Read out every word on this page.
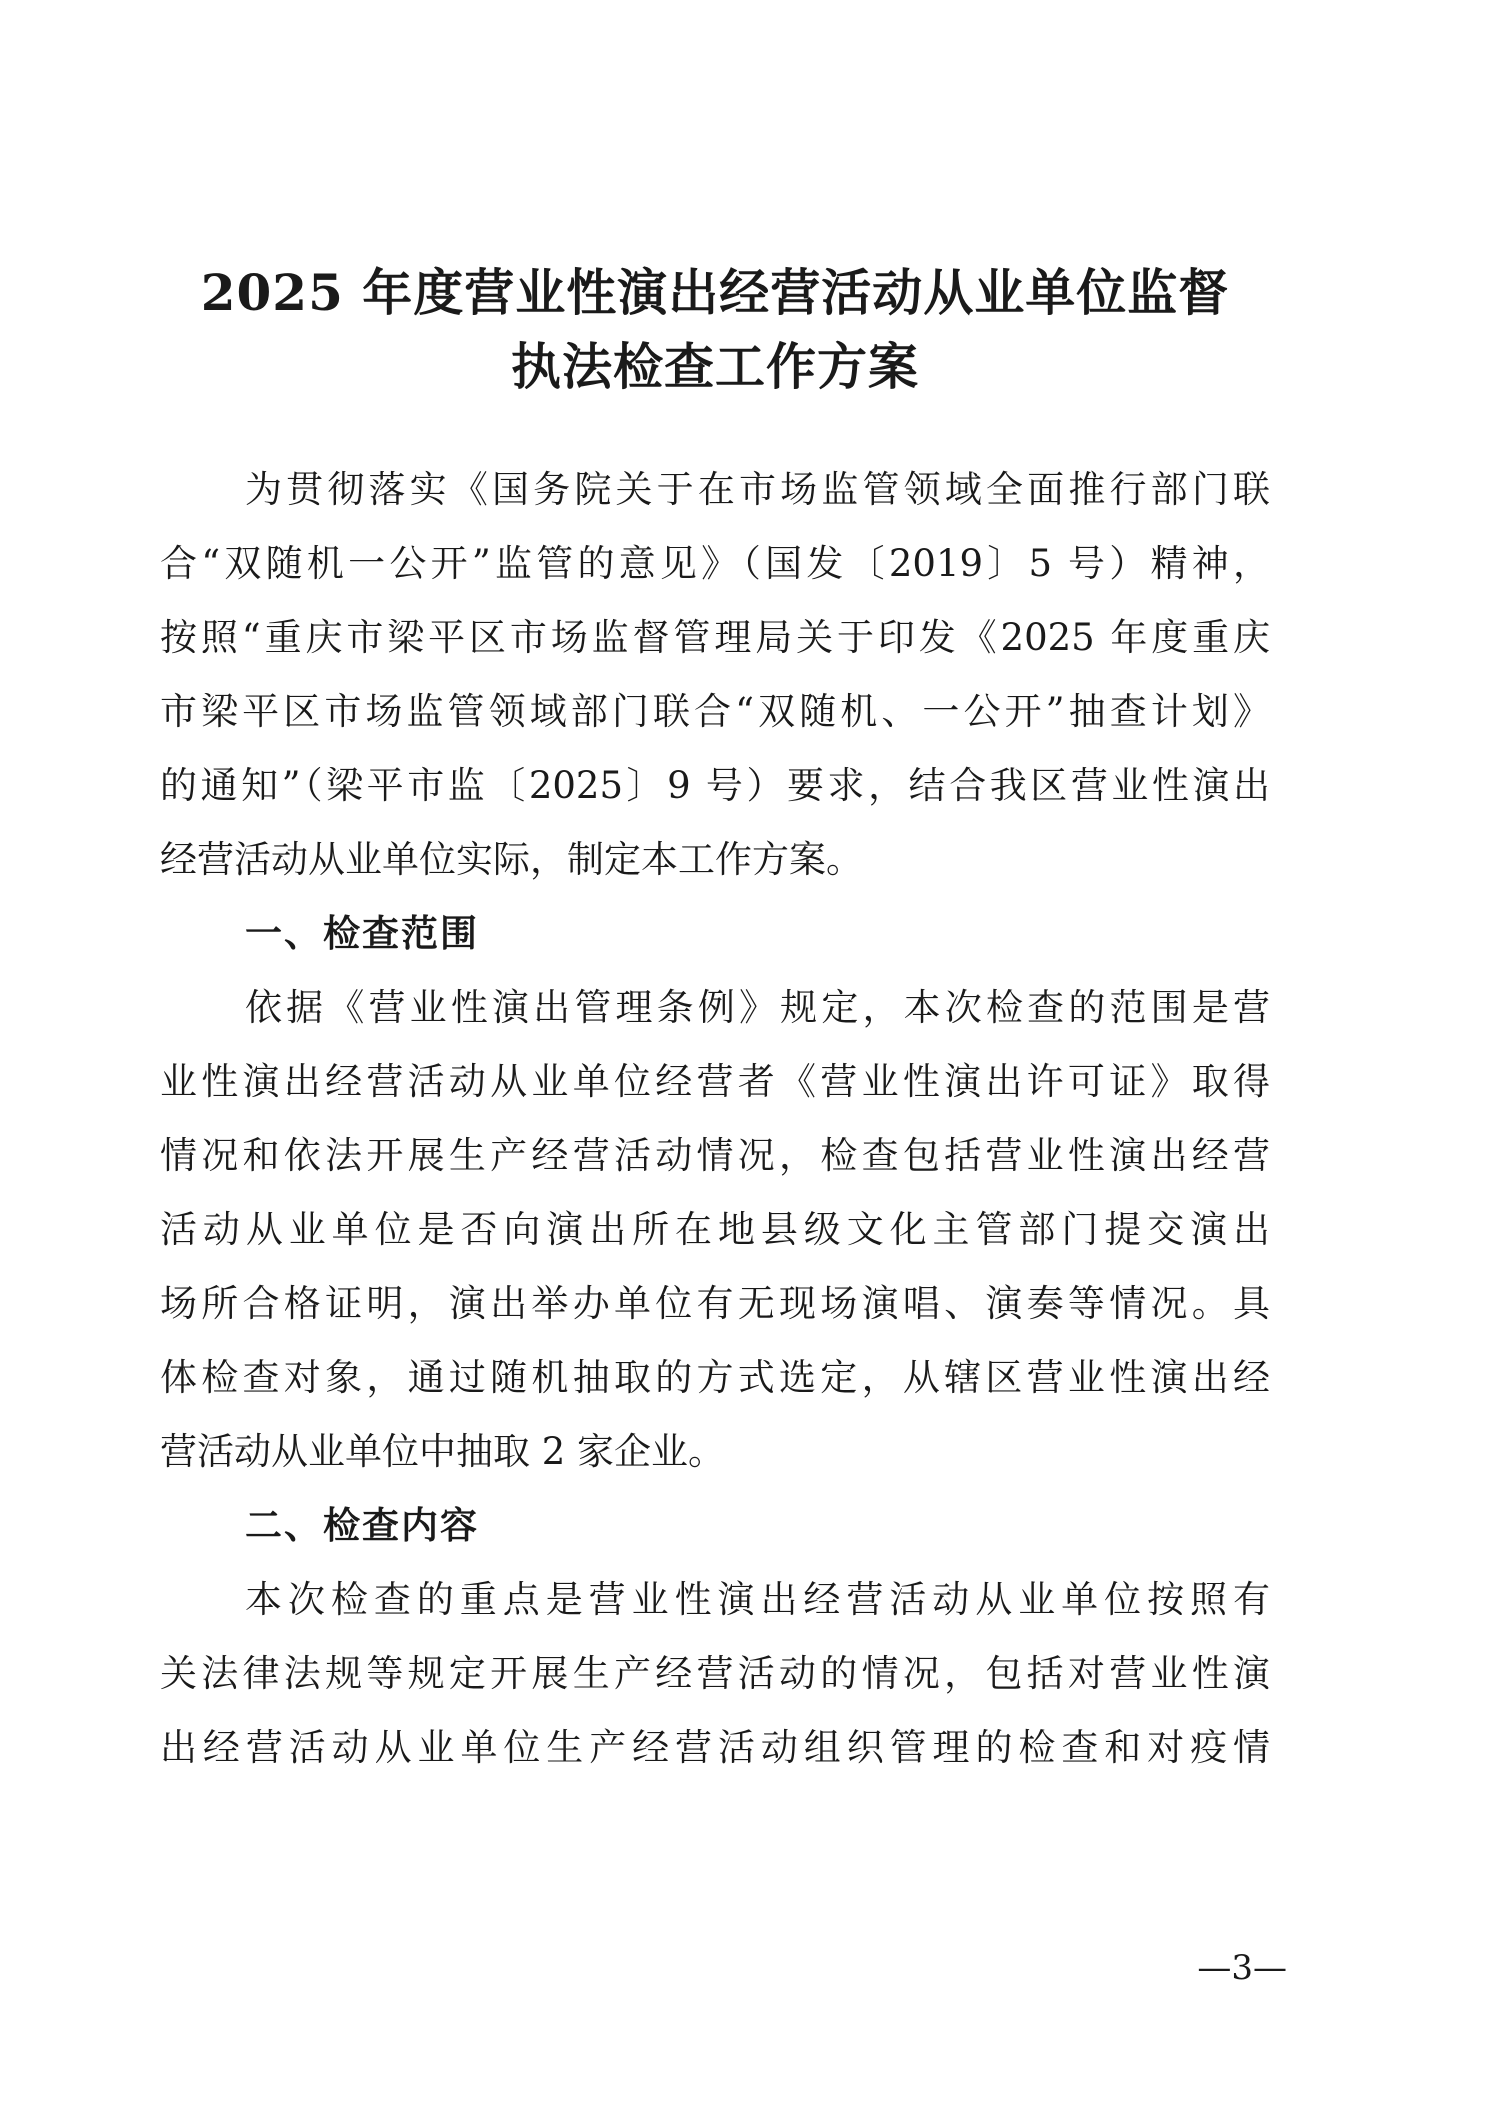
2025 年度营业性演出经营活动从业单位监督
执法检查工作方案
为贯彻落实《国务院关于在市场监管领域全面推行部门联
合“双随机一公开”监管的意见》（国发〔2019〕5 号）精神，
按照“重庆市梁平区市场监督管理局关于印发《2025 年度重庆
市梁平区市场监管领域部门联合“双随机、一公开”抽查计划》
的通知”（梁平市监〔2025〕9 号）要求，结合我区营业性演出
经营活动从业单位实际，制定本工作方案。
一、检查范围
依据《营业性演出管理条例》规定，本次检查的范围是营
业性演出经营活动从业单位经营者《营业性演出许可证》取得
情况和依法开展生产经营活动情况，检查包括营业性演出经营
活动从业单位是否向演出所在地县级文化主管部门提交演出
场所合格证明，演出举办单位有无现场演唱、演奏等情况。具
体检查对象，通过随机抽取的方式选定，从辖区营业性演出经
营活动从业单位中抽取 2 家企业。
二、检查内容
本次检查的重点是营业性演出经营活动从业单位按照有
关法律法规等规定开展生产经营活动的情况，包括对营业性演
出经营活动从业单位生产经营活动组织管理的检查和对疫情
—3—
